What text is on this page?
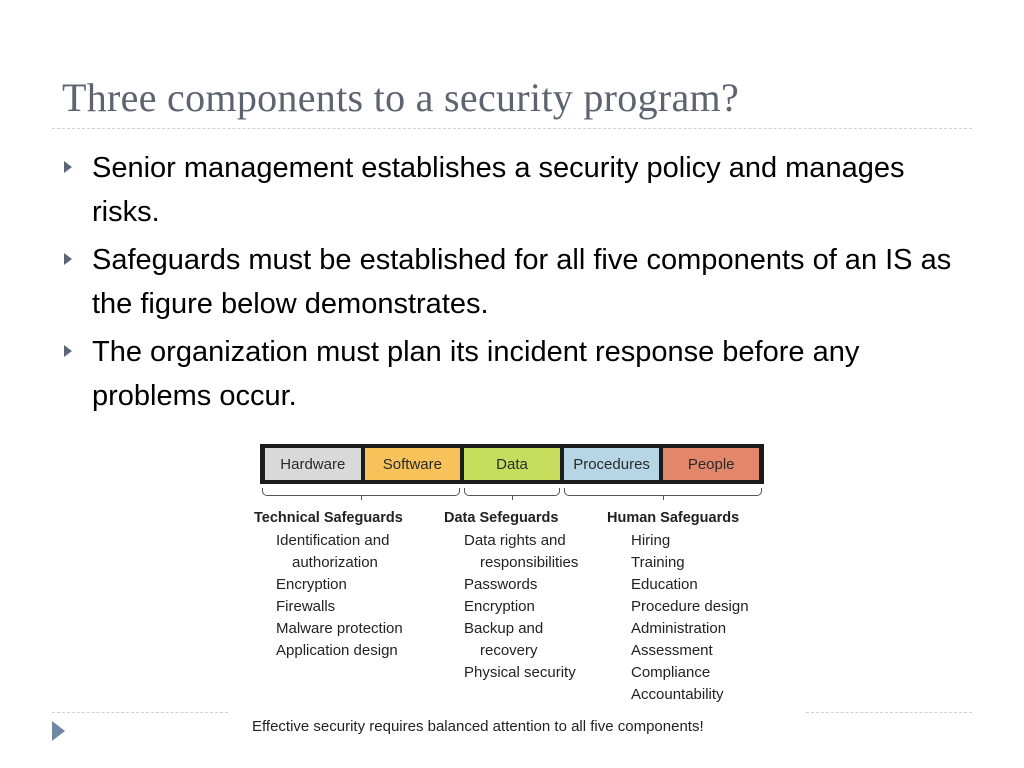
Three components to a security program?
Senior management establishes a security policy and manages risks.
Safeguards must be established for all five components of an IS as the figure below demonstrates.
The organization must plan its incident response before any problems occur.
Hardware	Software	Data	Procedures	People
Technical Safeguards
Identification and
authorization
Encryption
Firewalls
Malware protection
Application design
Data Sefeguards
Data rights and
responsibilities
Passwords
Encryption
Backup and
recovery
Physical security
Human Safeguards
Hiring
Training
Education
Procedure design
Administration
Assessment
Compliance
Accountability
Effective security requires balanced attention to all five components!
